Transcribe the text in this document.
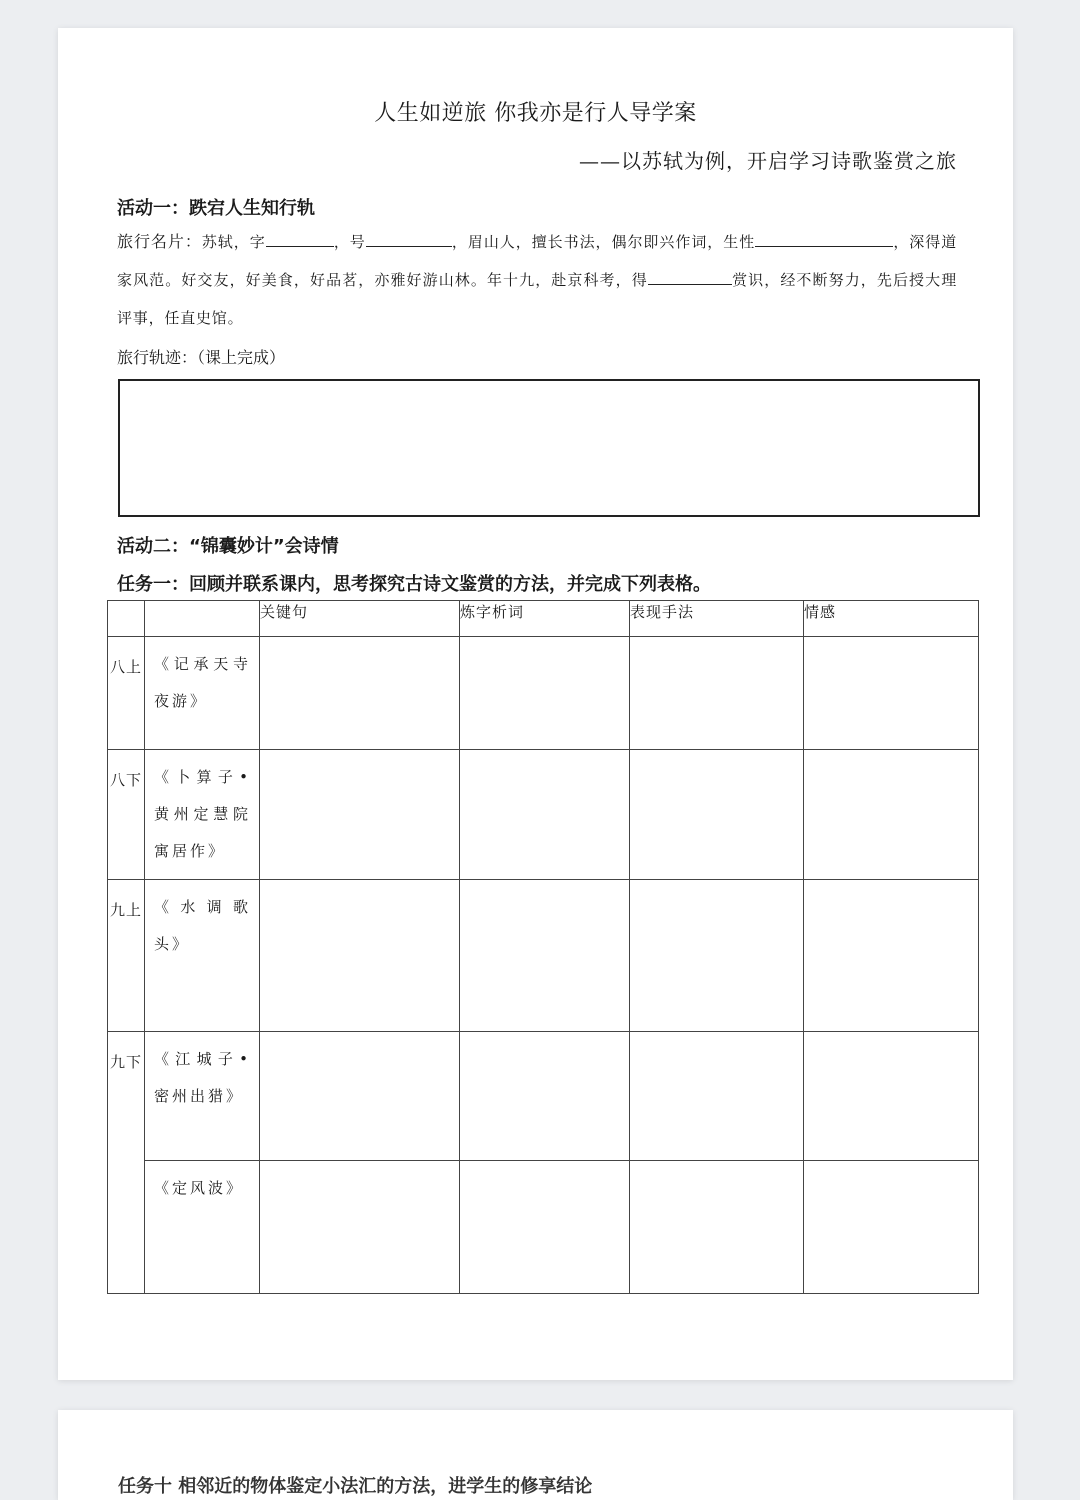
人生如逆旅 你我亦是行人导学案
——以苏轼为例，开启学习诗歌鉴赏之旅
活动一：跌宕人生知行轨
旅行名片：苏轼，字	，号	，眉山人，擅长书法，偶尔即兴作词，生性	，深得道家风范。好交友，好美食，好品茗，亦雅好游山林。年十九，赴京科考，得	赏识，经不断努力，先后授大理评事，任直史馆。
旅行轨迹：（课上完成）
活动二：“锦囊妙计”会诗情
任务一：回顾并联系课内，思考探究古诗文鉴赏的方法，并完成下列表格。
		关键句	炼字析词	表现手法	情感
八上	《记承天寺夜游》				
八下	《卜算子•黄州定慧院寓居作》				
九上	《水调歌头》				
九下	《江城子•密州出猎》				
	《定风波》				
任务十 相邻近的物体鉴定小法汇的方法，进学生的修享结论
